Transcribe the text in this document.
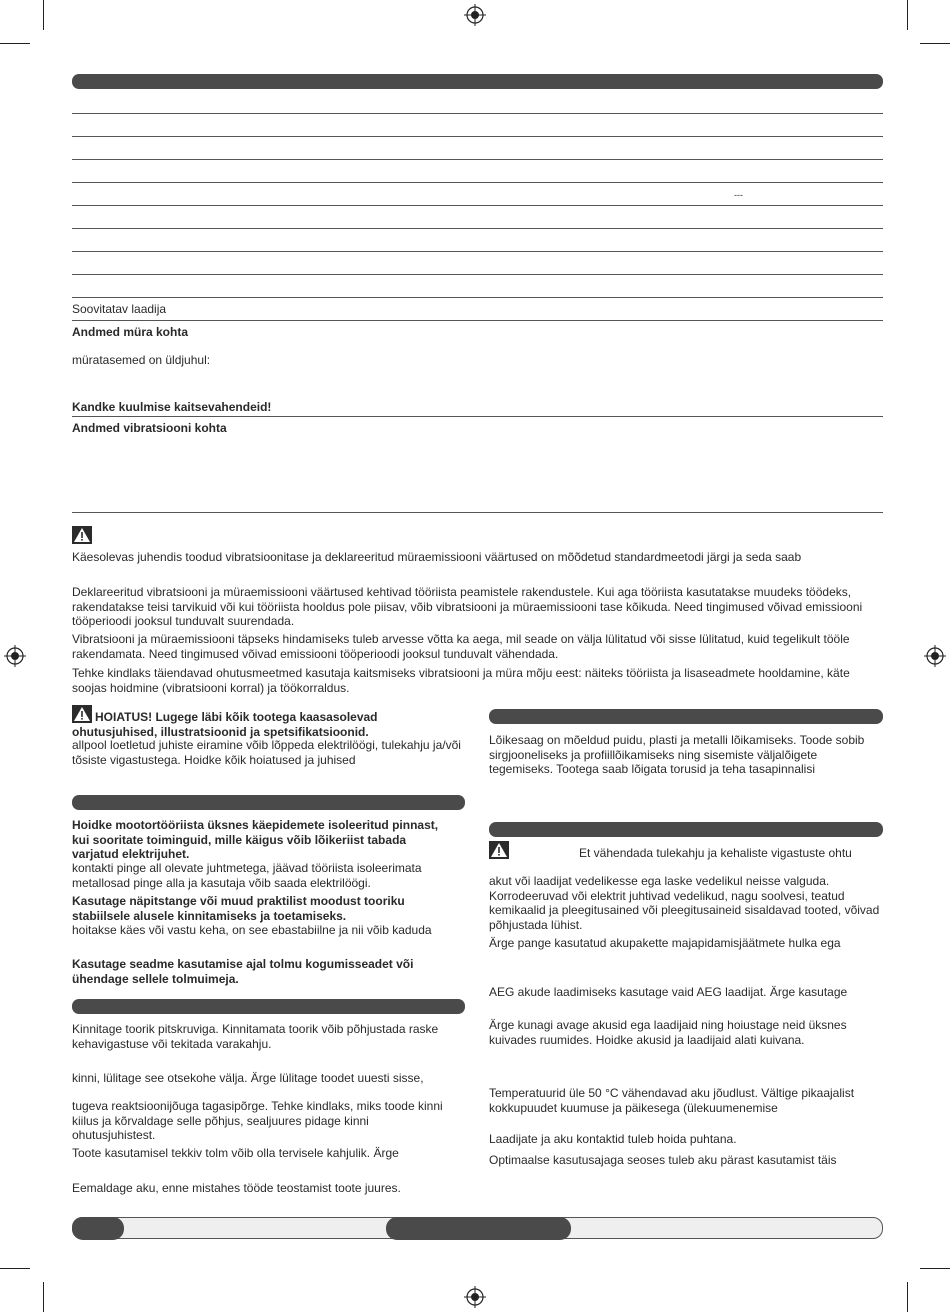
---
Soovitatav laadija
Andmed müra kohta
müratasemed on üldjuhul:
Kandke kuulmise kaitsevahendeid!
Andmed vibratsiooni kohta
Käesolevas juhendis toodud vibratsioonitase ja deklareeritud müraemissiooni väärtused on mõõdetud standardmeetodi järgi ja seda saab
Deklareeritud vibratsiooni ja müraemissiooni väärtused kehtivad tööriista peamistele rakendustele. Kui aga tööriista kasutatakse muudeks töödeks, rakendatakse teisi tarvikuid või kui tööriista hooldus pole piisav, võib vibratsiooni ja müraemissiooni tase kõikuda. Need tingimused võivad emissiooni tööperioodi jooksul tunduvalt suurendada.
Vibratsiooni ja müraemissiooni täpseks hindamiseks tuleb arvesse võtta ka aega, mil seade on välja lülitatud või sisse lülitatud, kuid tegelikult tööle rakendamata. Need tingimused võivad emissiooni tööperioodi jooksul tunduvalt vähendada.
Tehke kindlaks täiendavad ohutusmeetmed kasutaja kaitsmiseks vibratsiooni ja müra mõju eest: näiteks tööriista ja lisaseadmete hooldamine, käte soojas hoidmine (vibratsiooni korral) ja töökorraldus.
HOIATUS! Lugege läbi kõik tootega kaasasolevad ohutusjuhised, illustratsioonid ja spetsifikatsioonid.
allpool loetletud juhiste eiramine võib lõppeda elektrilöögi, tulekahju ja/või tõsiste vigastustega. Hoidke kõik hoiatused ja juhised
Hoidke mootortööriista üksnes käepidemete isoleeritud pinnast, kui sooritate toiminguid, mille käigus võib lõikeriist tabada varjatud elektrijuhet.
kontakti pinge all olevate juhtmetega, jäävad tööriista isoleerimata metallosad pinge alla ja kasutaja võib saada elektrilöögi.
Kasutage näpitstange või muud praktilist moodust tooriku stabiilsele alusele kinnitamiseks ja toetamiseks.
hoitakse käes või vastu keha, on see ebastabiilne ja nii võib kaduda
Kasutage seadme kasutamise ajal tolmu kogumisseadet või ühendage sellele tolmuimeja.
Kinnitage toorik pitskruviga. Kinnitamata toorik võib põhjustada raske kehavigastuse või tekitada varakahju.
kinni, lülitage see otsekohe välja. Ärge lülitage toodet uuesti sisse,
tugeva reaktsioonijõuga tagasipõrge. Tehke kindlaks, miks toode kinni kiilus ja kõrvaldage selle põhjus, sealjuures pidage kinni ohutusjuhistest.
Toote kasutamisel tekkiv tolm võib olla tervisele kahjulik. Ärge
Eemaldage aku, enne mistahes tööde teostamist toote juures.
Lõikesaag on mõeldud puidu, plasti ja metalli lõikamiseks. Toode sobib sirgjooneliseks ja profiillõikamiseks ning sisemiste väljalõigete tegemiseks. Tootega saab lõigata torusid ja teha tasapinnalisi
Et vähendada tulekahju ja kehaliste vigastuste ohtu
akut või laadijat vedelikesse ega laske vedelikul neisse valguda. Korrodeeruvad või elektrit juhtivad vedelikud, nagu soolvesi, teatud kemikaalid ja pleegitusained või pleegitusaineid sisaldavad tooted, võivad põhjustada lühist.
Ärge pange kasutatud akupakette majapidamisjäätmete hulka ega
AEG akude laadimiseks kasutage vaid AEG laadijat. Ärge kasutage
Ärge kunagi avage akusid ega laadijaid ning hoiustage neid üksnes kuivades ruumides. Hoidke akusid ja laadijaid alati kuivana.
Temperatuurid üle 50 °C vähendavad aku jõudlust. Vältige pikaajalist kokkupuudet kuumuse ja päikesega (ülekuumenemise
Laadijate ja aku kontaktid tuleb hoida puhtana.
Optimaalse kasutusajaga seoses tuleb aku pärast kasutamist täis
